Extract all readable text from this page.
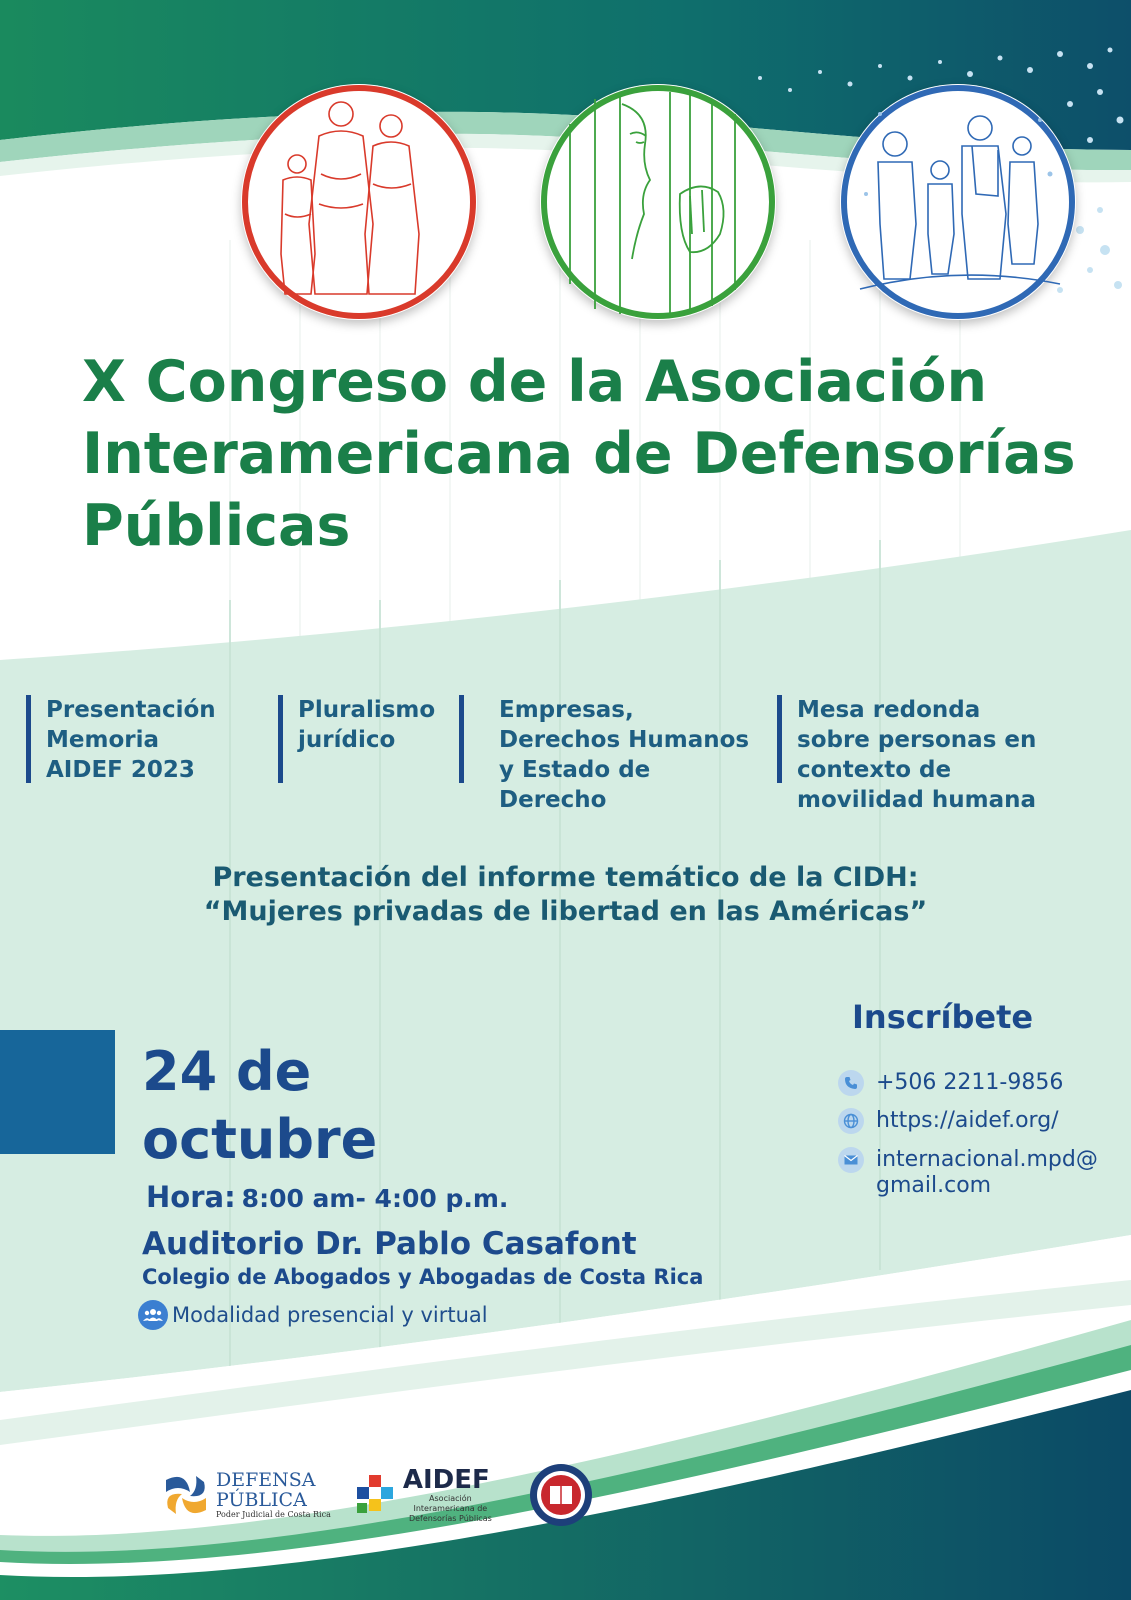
X Congreso de la Asociación
Interamericana de Defensorías
Públicas
Presentación
Memoria
AIDEF 2023
Pluralismo
jurídico
Empresas,
Derechos Humanos
y Estado de
Derecho
Mesa redonda
sobre personas en
contexto de
movilidad humana
Presentación del informe temático de la CIDH:
“Mujeres privadas de libertad en las Américas”
24 de
octubre
Hora: 8:00 am- 4:00 p.m.
Auditorio Dr. Pablo Casafont
Colegio de Abogados y Abogadas de Costa Rica
Modalidad presencial y virtual
Inscríbete
+506 2211-9856
https://aidef.org/
internacional.mpd@
gmail.com
DEFENSA
PÚBLICA
Poder Judicial de Costa Rica
AIDEF
Asociación Interamericana de Defensorías Públicas
